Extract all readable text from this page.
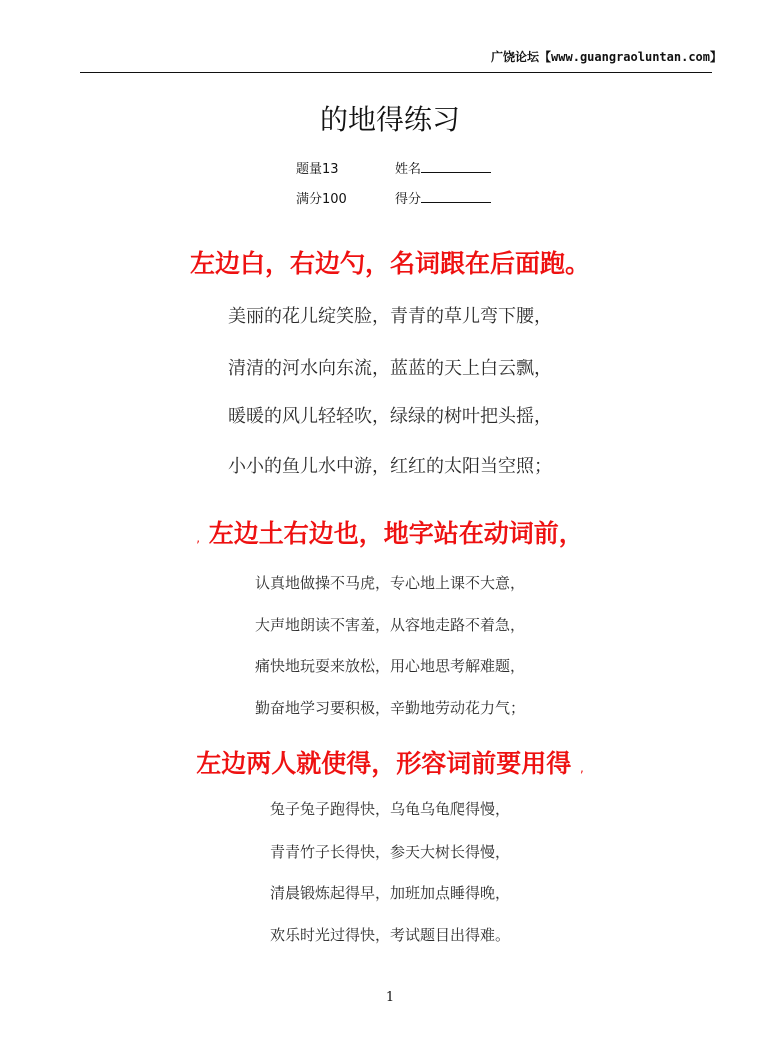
广饶论坛【www.guangraoluntan.com】
的地得练习
题量13	姓名
满分100	得分
左边白，右边勺，名词跟在后面跑。
美丽的花儿绽笑脸，青青的草儿弯下腰，
清清的河水向东流，蓝蓝的天上白云飘，
暖暖的风儿轻轻吹，绿绿的树叶把头摇，
小小的鱼儿水中游，红红的太阳当空照；
, 左边土右边也，地字站在动词前，
认真地做操不马虎，专心地上课不大意，
大声地朗读不害羞，从容地走路不着急，
痛快地玩耍来放松，用心地思考解难题，
勤奋地学习要积极，辛勤地劳动花力气；
左边两人就使得，形容词前要用得 ,
兔子兔子跑得快，乌龟乌龟爬得慢，
青青竹子长得快，参天大树长得慢，
清晨锻炼起得早，加班加点睡得晚，
欢乐时光过得快，考试题目出得难。
1
